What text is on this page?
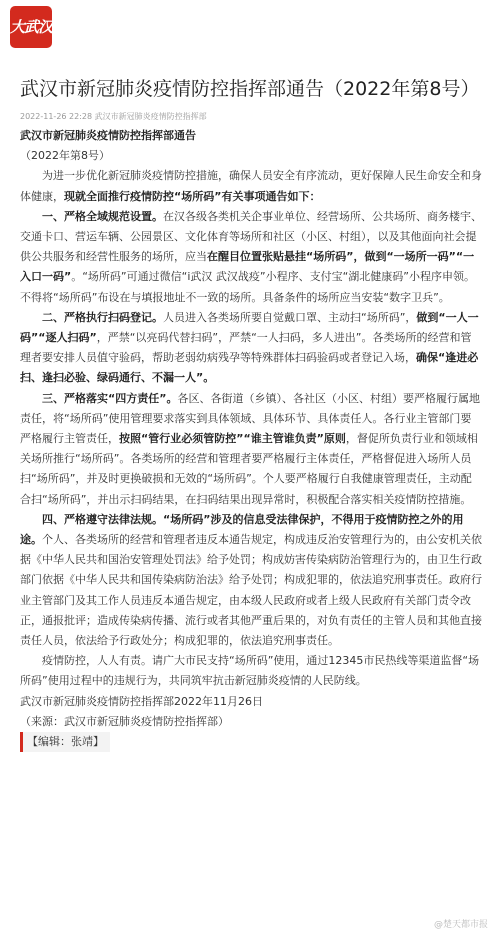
大武汉
武汉市新冠肺炎疫情防控指挥部通告（2022年第8号）
2022-11-26 22:28 武汉市新冠肺炎疫情防控指挥部

武汉市新冠肺炎疫情防控指挥部通告

（2022年第8号）

为进一步优化新冠肺炎疫情防控措施，确保人员安全有序流动，更好保障人民生命安全和身体健康，现就全面推行疫情防控“场所码”有关事项通告如下：

一、严格全域规范设置。在汉各级各类机关企事业单位、经营场所、公共场所、商务楼宇、交通卡口、营运车辆、公园景区、文化体育等场所和社区（小区、村组），以及其他面向社会提供公共服务和经营性服务的场所，应当在醒目位置张贴悬挂“场所码”，做到“一场所一码”“一入口一码”。“场所码”可通过微信“i武汉 武汉战疫”小程序、支付宝“湖北健康码”小程序申领。不得将“场所码”布设在与填报地址不一致的场所。具备条件的场所应当安装“数字卫兵”。

二、严格执行扫码登记。人员进入各类场所要自觉戴口罩、主动扫“场所码”，做到“一人一码”“逐人扫码”，严禁“以亮码代替扫码”，严禁“一人扫码，多人进出”。各类场所的经营和管理者要安排人员值守验码，帮助老弱幼病残孕等特殊群体扫码验码或者登记入场，确保“逢进必扫、逢扫必验、绿码通行、不漏一人”。

三、严格落实“四方责任”。各区、各街道（乡镇）、各社区（小区、村组）要严格履行属地责任，将“场所码”使用管理要求落实到具体领域、具体环节、具体责任人。各行业主管部门要严格履行主管责任，按照“管行业必须管防控”“谁主管谁负责”原则，督促所负责行业和领域相关场所推行“场所码”。各类场所的经营和管理者要严格履行主体责任，严格督促进入场所人员扫“场所码”，并及时更换破损和无效的“场所码”。个人要严格履行自我健康管理责任，主动配合扫“场所码”，并出示扫码结果，在扫码结果出现异常时，积极配合落实相关疫情防控措施。

四、严格遵守法律法规。“场所码”涉及的信息受法律保护，不得用于疫情防控之外的用途。个人、各类场所的经营和管理者违反本通告规定，构成违反治安管理行为的，由公安机关依据《中华人民共和国治安管理处罚法》给予处罚；构成妨害传染病防治管理行为的，由卫生行政部门依据《中华人民共和国传染病防治法》给予处罚；构成犯罪的，依法追究刑事责任。政府行业主管部门及其工作人员违反本通告规定，由本级人民政府或者上级人民政府有关部门责令改正，通报批评；造成传染病传播、流行或者其他严重后果的，对负有责任的主管人员和其他直接责任人员，依法给予行政处分；构成犯罪的，依法追究刑事责任。

疫情防控，人人有责。请广大市民支持“场所码”使用，通过12345市民热线等渠道监督“场所码”使用过程中的违规行为，共同筑牢抗击新冠肺炎疫情的人民防线。

武汉市新冠肺炎疫情防控指挥部2022年11月26日

（来源：武汉市新冠肺炎疫情防控指挥部）

【编辑：张靖】

@楚天都市报
